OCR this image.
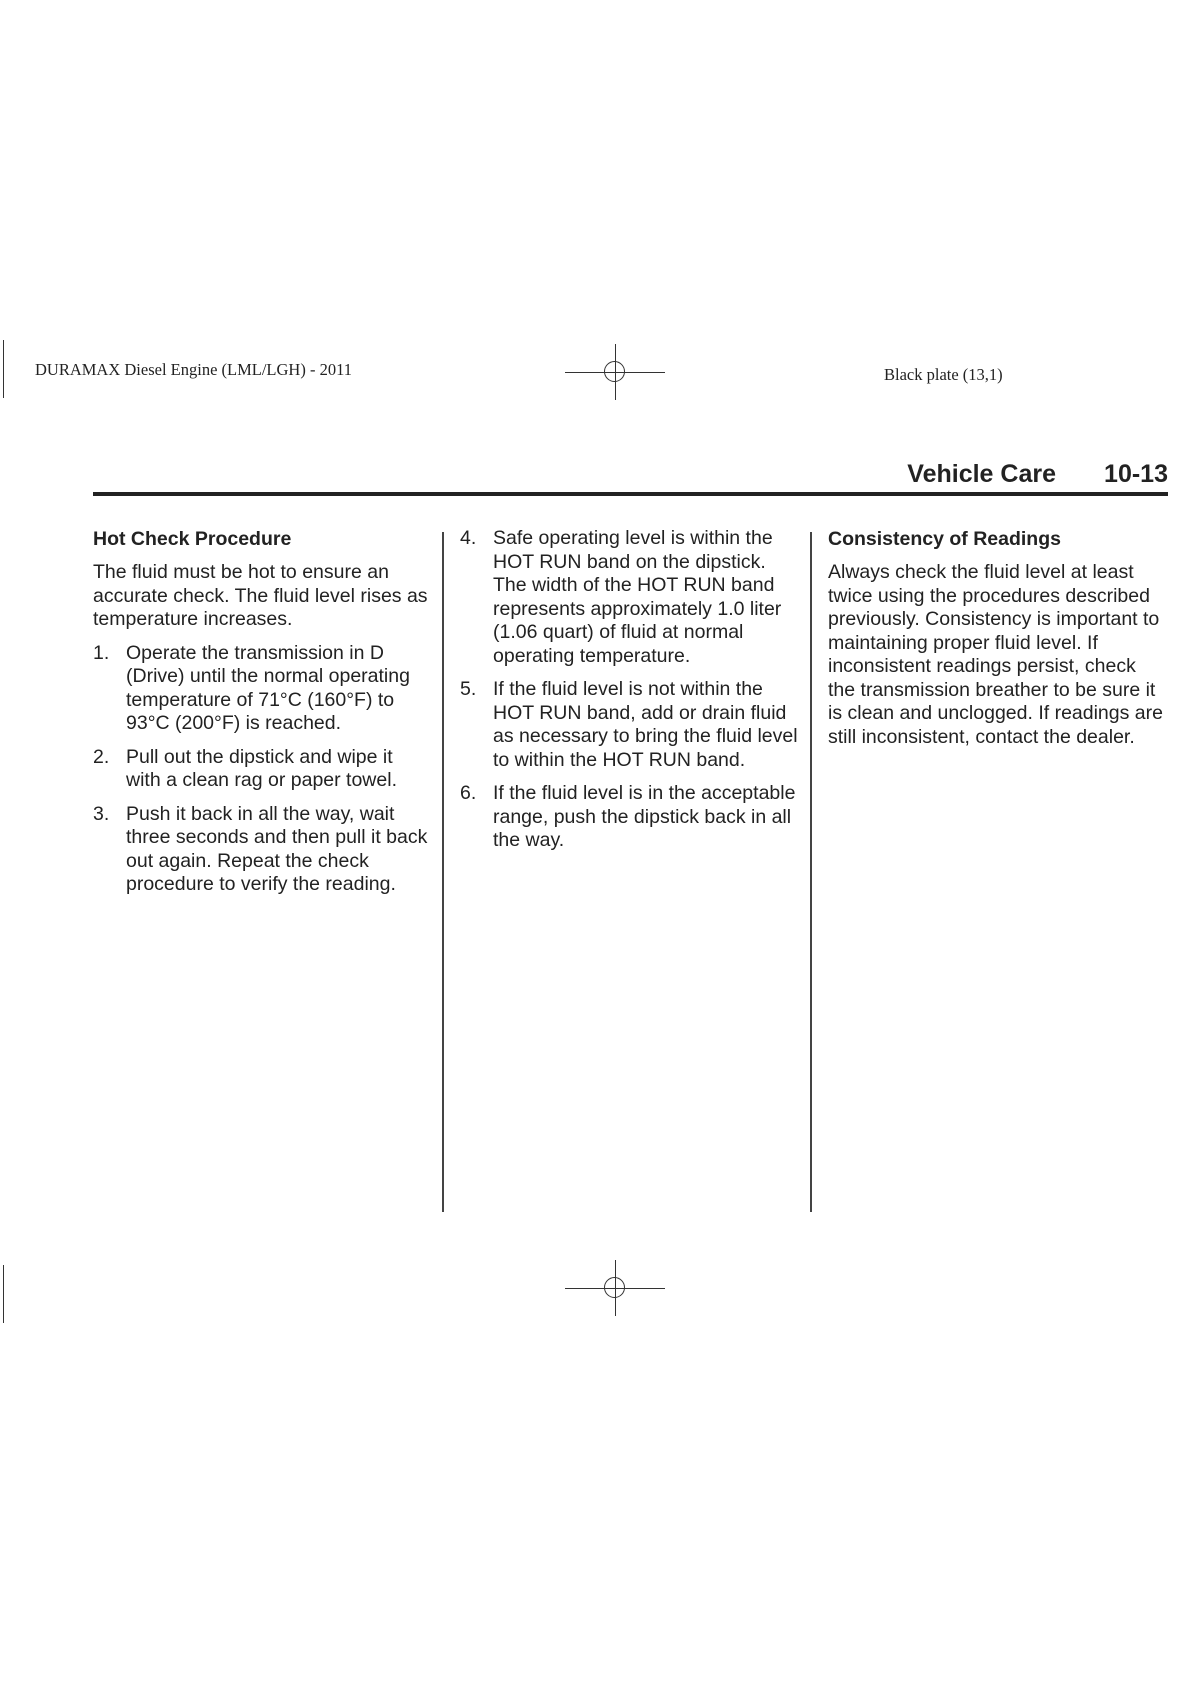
DURAMAX Diesel Engine (LML/LGH) - 2011	Black plate (13,1)
Vehicle Care 10-13
Hot Check Procedure

The fluid must be hot to ensure an accurate check. The fluid level rises as temperature increases.

1. Operate the transmission in D (Drive) until the normal operating temperature of 71°C (160°F) to 93°C (200°F) is reached.
2. Pull out the dipstick and wipe it with a clean rag or paper towel.
3. Push it back in all the way, wait three seconds and then pull it back out again. Repeat the check procedure to verify the reading.
4. Safe operating level is within the HOT RUN band on the dipstick. The width of the HOT RUN band represents approximately 1.0 liter (1.06 quart) of fluid at normal operating temperature.
5. If the fluid level is not within the HOT RUN band, add or drain fluid as necessary to bring the fluid level to within the HOT RUN band.
6. If the fluid level is in the acceptable range, push the dipstick back in all the way.
Consistency of Readings

Always check the fluid level at least twice using the procedures described previously. Consistency is important to maintaining proper fluid level. If inconsistent readings persist, check the transmission breather to be sure it is clean and unclogged. If readings are still inconsistent, contact the dealer.
